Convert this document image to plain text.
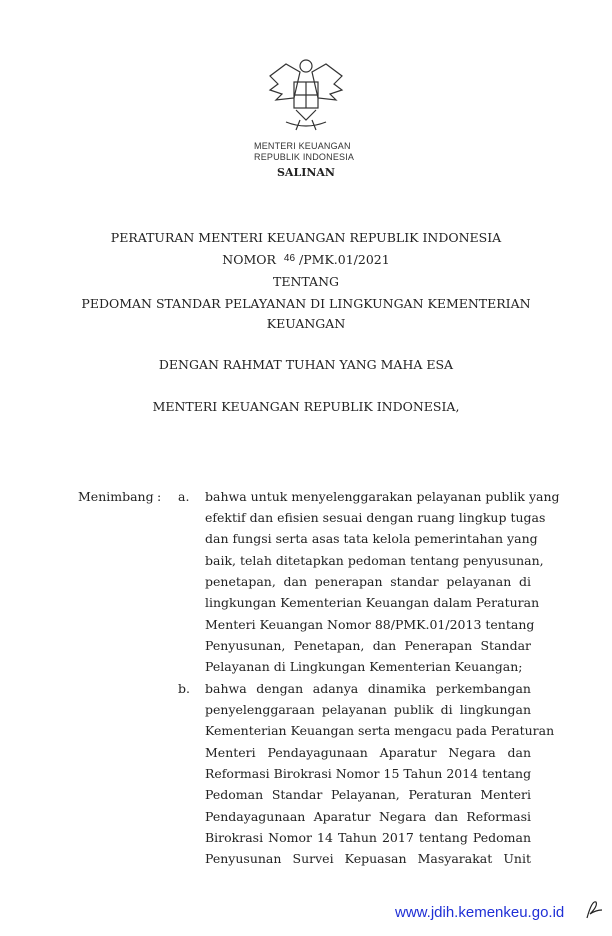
MENTERI KEUANGAN
REPUBLIK INDONESIA
SALINAN
PERATURAN MENTERI KEUANGAN REPUBLIK INDONESIA
NOMOR $^{46}$ /PMK.01/2021
TENTANG
PEDOMAN STANDAR PELAYANAN DI LINGKUNGAN KEMENTERIAN
KEUANGAN
DENGAN RAHMAT TUHAN YANG MAHA ESA
MENTERI KEUANGAN REPUBLIK INDONESIA,
Menimbang : a.
b.
bahwa untuk menyelenggarakan pelayanan publik yang
efektif dan efisien sesuai dengan ruang lingkup tugas
dan fungsi serta asas tata kelola pemerintahan yang
baik, telah ditetapkan pedoman tentang penyusunan,
penetapan, dan penerapan standar pelayanan di
lingkungan Kementerian Keuangan dalam Peraturan
Menteri Keuangan Nomor 88/PMK.01/2013 tentang
Penyusunan, Penetapan, dan Penerapan Standar
Pelayanan di Lingkungan Kementerian Keuangan;
bahwa dengan adanya dinamika perkembangan
penyelenggaraan pelayanan publik di lingkungan
Kementerian Keuangan serta mengacu pada Peraturan
Menteri Pendayagunaan Aparatur Negara dan
Reformasi Birokrasi Nomor 15 Tahun 2014 tentang
Pedoman Standar Pelayanan, Peraturan Menteri
Pendayagunaan Aparatur Negara dan Reformasi
Birokrasi Nomor 14 Tahun 2017 tentang Pedoman
Penyusunan Survei Kepuasan Masyarakat Unit
www.jdih.kemenkeu.go.id
